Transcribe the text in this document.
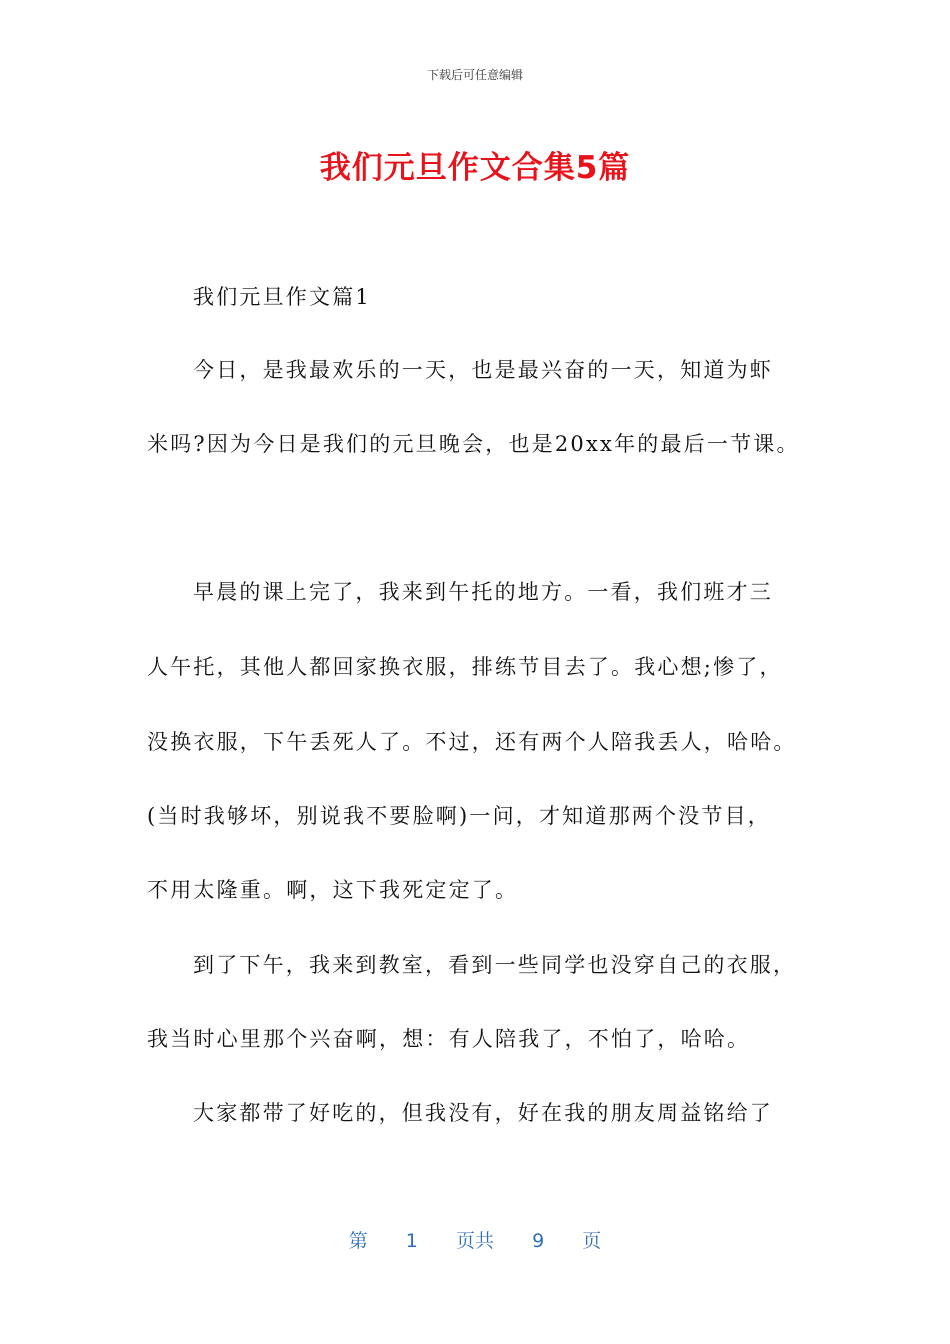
下载后可任意编辑
我们元旦作文合集5篇
我们元旦作文篇1
今日，是我最欢乐的一天，也是最兴奋的一天，知道为虾
米吗?因为今日是我们的元旦晚会，也是20xx年的最后一节课。
早晨的课上完了，我来到午托的地方。一看，我们班才三
人午托，其他人都回家换衣服，排练节目去了。我心想;惨了，
没换衣服，下午丢死人了。不过，还有两个人陪我丢人，哈哈。
(当时我够坏，别说我不要脸啊)一问，才知道那两个没节目，
不用太隆重。啊，这下我死定定了。
到了下午，我来到教室，看到一些同学也没穿自己的衣服，
我当时心里那个兴奋啊，想：有人陪我了，不怕了，哈哈。
大家都带了好吃的，但我没有，好在我的朋友周益铭给了
第 1 页共 9 页
